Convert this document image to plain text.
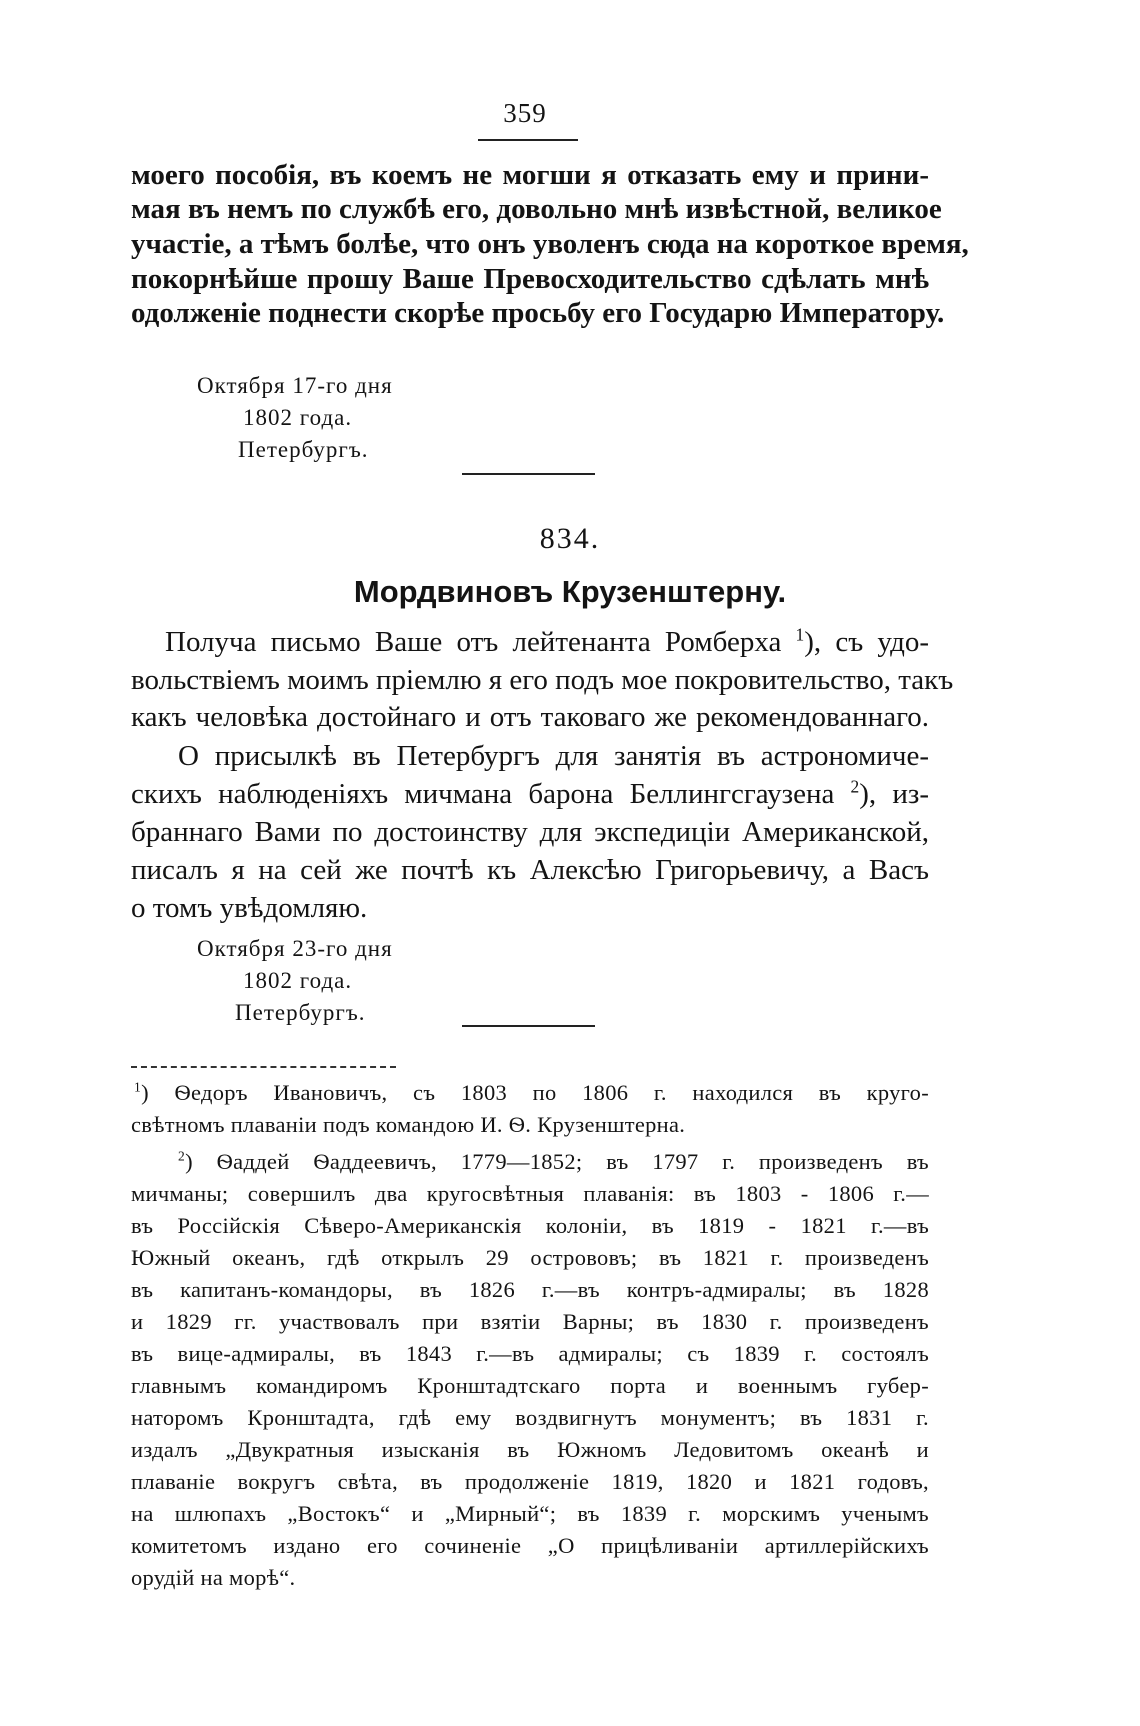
359
моего пособія, въ коемъ не могши я отказать ему и прини-
мая въ немъ по службѣ его, довольно мнѣ извѣстной, великое
участіе, а тѣмъ болѣе, что онъ уволенъ сюда на короткое время,
покорнѣйше прошу Ваше Превосходительство сдѣлать мнѣ
одолженіе поднести скорѣе просьбу его Государю Императору.
Октября 17-го дня
1802 года.
Петербургъ.
834.
Мордвиновъ Крузенштерну.
Получа письмо Ваше отъ лейтенанта Ромберха $^1$), съ удо-
вольствіемъ моимъ пріемлю я его подъ мое покровительство, такъ
какъ человѣка достойнаго и отъ таковаго же рекомендованнаго.
О присылкѣ въ Петербургъ для занятія въ астрономиче-
скихъ наблюденіяхъ мичмана барона Беллингсгаузена $^2$), из-
браннаго Вами по достоинству для экспедиціи Американской,
писалъ я на сей же почтѣ къ Алексѣю Григорьевичу, а Васъ
о томъ увѣдомляю.
Октября 23-го дня
1802 года.
Петербургъ.
$^1$) Ѳедоръ Ивановичъ, съ 1803 по 1806 г. находился въ круго-
свѣтномъ плаваніи подъ командою И. Ѳ. Крузенштерна.
$^2$) Ѳаддей Ѳаддеевичъ, 1779—1852; въ 1797 г. произведенъ въ
мичманы; совершилъ два кругосвѣтныя плаванія: въ 1803 - 1806 г.—
въ Россійскія Сѣверо-Американскія колоніи, въ 1819 - 1821 г.—въ
Южный океанъ, гдѣ открылъ 29 острововъ; въ 1821 г. произведенъ
въ капитанъ-командоры, въ 1826 г.—въ контръ-адмиралы; въ 1828
и 1829 гг. участвовалъ при взятіи Варны; въ 1830 г. произведенъ
въ вице-адмиралы, въ 1843 г.—въ адмиралы; съ 1839 г. состоялъ
главнымъ командиромъ Кронштадтскаго порта и военнымъ губер-
наторомъ Кронштадта, гдѣ ему воздвигнутъ монументъ; въ 1831 г.
издалъ „Двукратныя изысканія въ Южномъ Ледовитомъ океанѣ и
плаваніе вокругъ свѣта, въ продолженіе 1819, 1820 и 1821 годовъ,
на шлюпахъ „Востокъ“ и „Мирный“; въ 1839 г. морскимъ ученымъ
комитетомъ издано его сочиненіе „О прицѣливаніи артиллерійскихъ
орудій на морѣ“.
